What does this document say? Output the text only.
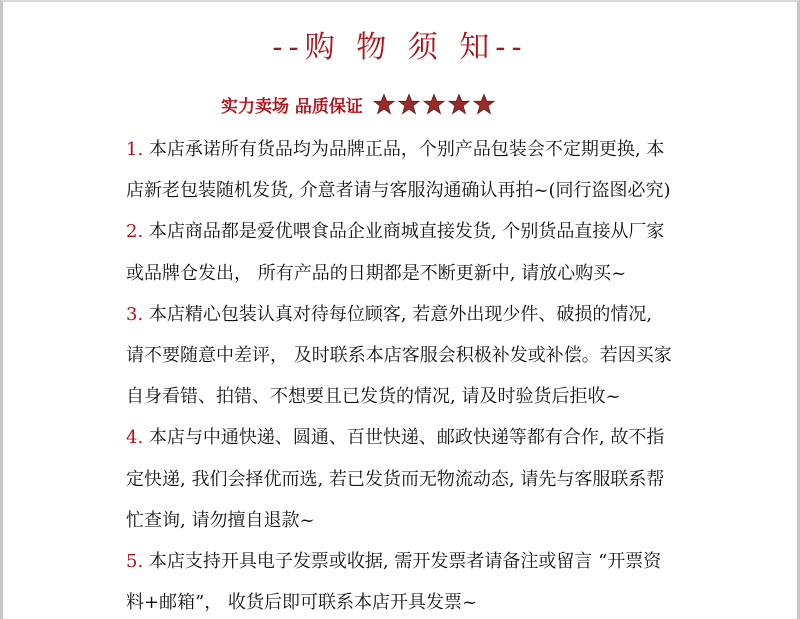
--购 物 须 知--
实力卖场 品质保证
1. 本店承诺所有货品均为品牌正品，个别产品包装会不定期更换, 本
店新老包装随机发货, 介意者请与客服沟通确认再拍~(同行盗图必究)
2. 本店商品都是爱优喂食品企业商城直接发货, 个别货品直接从厂家
或品牌仓发出， 所有产品的日期都是不断更新中, 请放心购买~
3. 本店精心包装认真对待每位顾客, 若意外出现少件、破损的情况,
请不要随意中差评， 及时联系本店客服会积极补发或补偿。若因买家
自身看错、拍错、不想要且已发货的情况, 请及时验货后拒收~
4. 本店与中通快递、圆通、百世快递、邮政快递等都有合作, 故不指
定快递, 我们会择优而选, 若已发货而无物流动态, 请先与客服联系帮
忙查询, 请勿擅自退款~
5. 本店支持开具电子发票或收据, 需开发票者请备注或留言 “开票资
料+邮箱”， 收货后即可联系本店开具发票~
